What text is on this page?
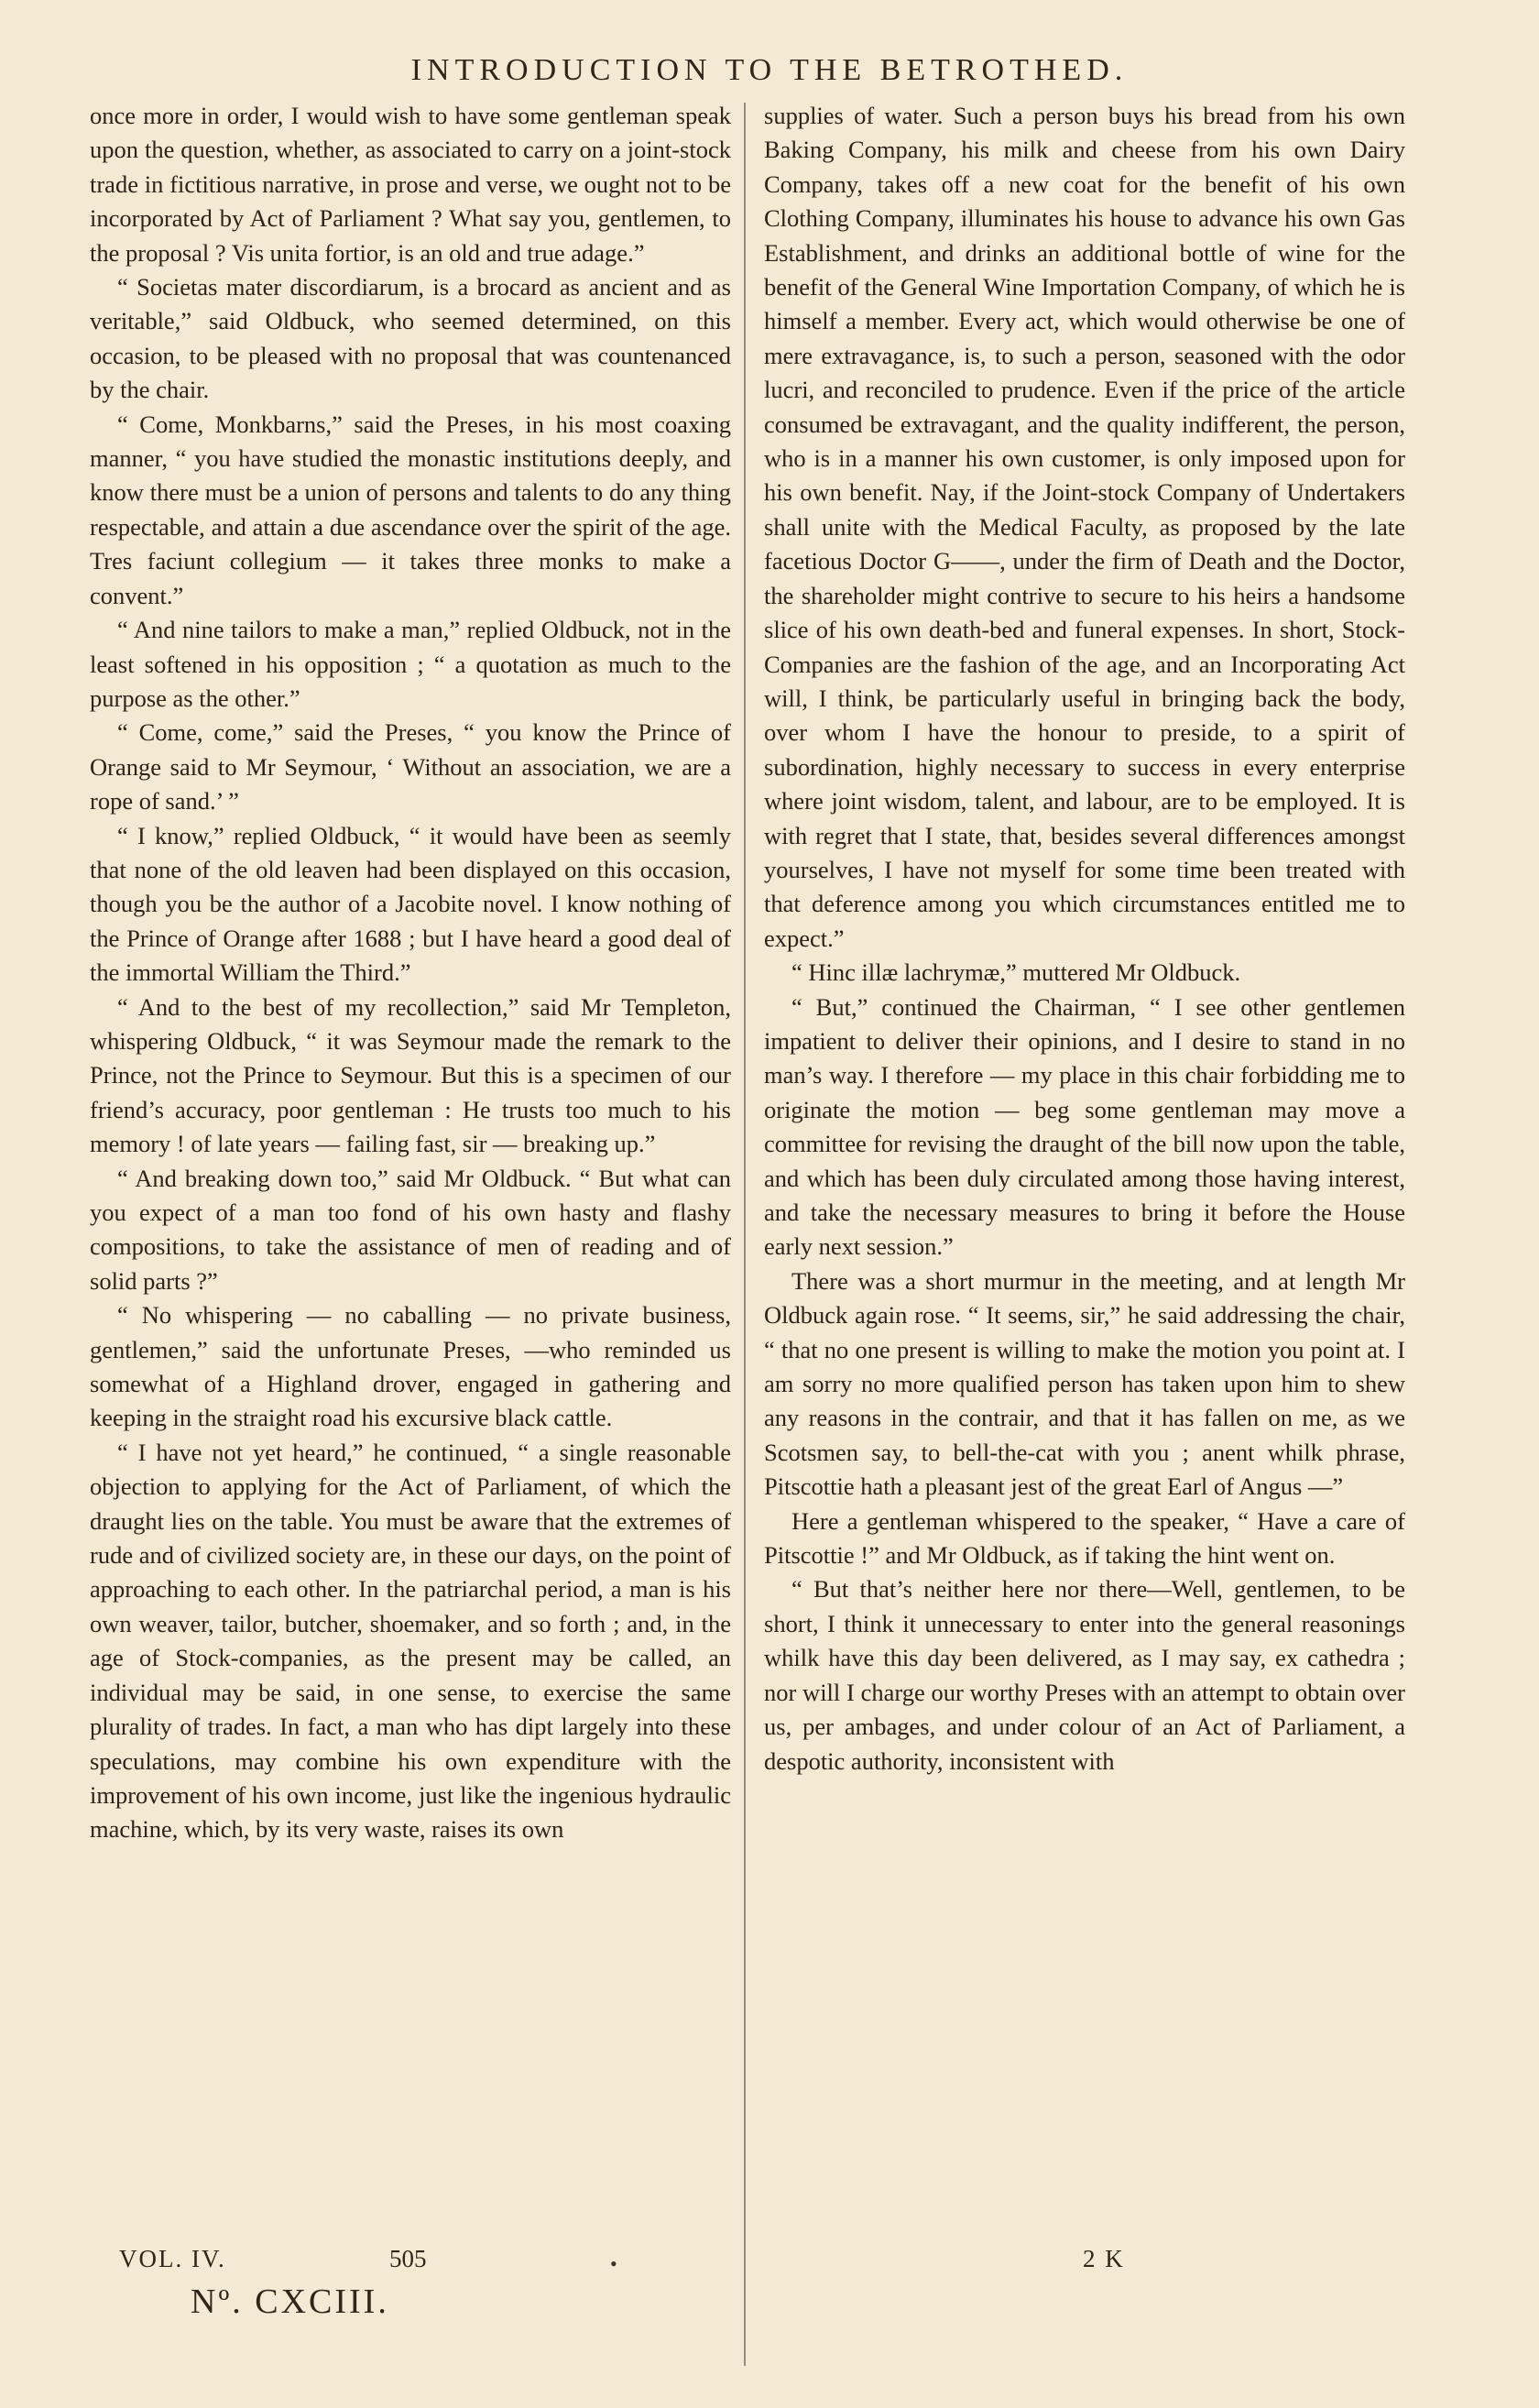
INTRODUCTION TO THE BETROTHED.

once more in order, I would wish to have some gentleman speak upon the question, whether, as associated to carry on a joint-stock trade in fictitious narrative, in prose and verse, we ought not to be incorporated by Act of Parliament ? What say you, gentlemen, to the proposal ? Vis unita fortior, is an old and true adage.”

“ Societas mater discordiarum, is a brocard as ancient and as veritable,” said Oldbuck, who seemed determined, on this occasion, to be pleased with no proposal that was countenanced by the chair.

“ Come, Monkbarns,” said the Preses, in his most coaxing manner, “ you have studied the monastic institutions deeply, and know there must be a union of persons and talents to do any thing respectable, and attain a due ascendance over the spirit of the age. Tres faciunt collegium — it takes three monks to make a convent.”

“ And nine tailors to make a man,” replied Oldbuck, not in the least softened in his opposition ; “ a quotation as much to the purpose as the other.”

“ Come, come,” said the Preses, “ you know the Prince of Orange said to Mr Seymour, ‘ Without an association, we are a rope of sand.’ ”

“ I know,” replied Oldbuck, “ it would have been as seemly that none of the old leaven had been displayed on this occasion, though you be the author of a Jacobite novel. I know nothing of the Prince of Orange after 1688 ; but I have heard a good deal of the immortal William the Third.”

“ And to the best of my recollection,” said Mr Templeton, whispering Oldbuck, “ it was Seymour made the remark to the Prince, not the Prince to Seymour. But this is a specimen of our friend’s accuracy, poor gentleman : He trusts too much to his memory ! of late years — failing fast, sir — breaking up.”

“ And breaking down too,” said Mr Oldbuck. “ But what can you expect of a man too fond of his own hasty and flashy compositions, to take the assistance of men of reading and of solid parts ?”

“ No whispering — no caballing — no private business, gentlemen,” said the unfortunate Preses, —who reminded us somewhat of a Highland drover, engaged in gathering and keeping in the straight road his excursive black cattle.

“ I have not yet heard,” he continued, “ a single reasonable objection to applying for the Act of Parliament, of which the draught lies on the table. You must be aware that the extremes of rude and of civilized society are, in these our days, on the point of approaching to each other. In the patriarchal period, a man is his own weaver, tailor, butcher, shoemaker, and so forth ; and, in the age of Stock-companies, as the present may be called, an individual may be said, in one sense, to exercise the same plurality of trades. In fact, a man who has dipt largely into these speculations, may combine his own expenditure with the improvement of his own income, just like the ingenious hydraulic machine, which, by its very waste, raises its own

supplies of water. Such a person buys his bread from his own Baking Company, his milk and cheese from his own Dairy Company, takes off a new coat for the benefit of his own Clothing Company, illuminates his house to advance his own Gas Establishment, and drinks an additional bottle of wine for the benefit of the General Wine Importation Company, of which he is himself a member. Every act, which would otherwise be one of mere extravagance, is, to such a person, seasoned with the odor lucri, and reconciled to prudence. Even if the price of the article consumed be extravagant, and the quality indifferent, the person, who is in a manner his own customer, is only imposed upon for his own benefit. Nay, if the Joint-stock Company of Undertakers shall unite with the Medical Faculty, as proposed by the late facetious Doctor G——, under the firm of Death and the Doctor, the shareholder might contrive to secure to his heirs a handsome slice of his own death-bed and funeral expenses. In short, Stock-Companies are the fashion of the age, and an Incorporating Act will, I think, be particularly useful in bringing back the body, over whom I have the honour to preside, to a spirit of subordination, highly necessary to success in every enterprise where joint wisdom, talent, and labour, are to be employed. It is with regret that I state, that, besides several differences amongst yourselves, I have not myself for some time been treated with that deference among you which circumstances entitled me to expect.”

“ Hinc illæ lachrymæ,” muttered Mr Oldbuck.

“ But,” continued the Chairman, “ I see other gentlemen impatient to deliver their opinions, and I desire to stand in no man’s way. I therefore — my place in this chair forbidding me to originate the motion — beg some gentleman may move a committee for revising the draught of the bill now upon the table, and which has been duly circulated among those having interest, and take the necessary measures to bring it before the House early next session.”

There was a short murmur in the meeting, and at length Mr Oldbuck again rose. “ It seems, sir,” he said addressing the chair, “ that no one present is willing to make the motion you point at. I am sorry no more qualified person has taken upon him to shew any reasons in the contrair, and that it has fallen on me, as we Scotsmen say, to bell-the-cat with you ; anent whilk phrase, Pitscottie hath a pleasant jest of the great Earl of Angus —”

Here a gentleman whispered to the speaker, “ Have a care of Pitscottie !” and Mr Oldbuck, as if taking the hint went on.

“ But that’s neither here nor there—Well, gentlemen, to be short, I think it unnecessary to enter into the general reasonings whilk have this day been delivered, as I may say, ex cathedra ; nor will I charge our worthy Preses with an attempt to obtain over us, per ambages, and under colour of an Act of Parliament, a despotic authority, inconsistent with

VOL. IV.	505	•	2 K
Nº. CXCIII.
